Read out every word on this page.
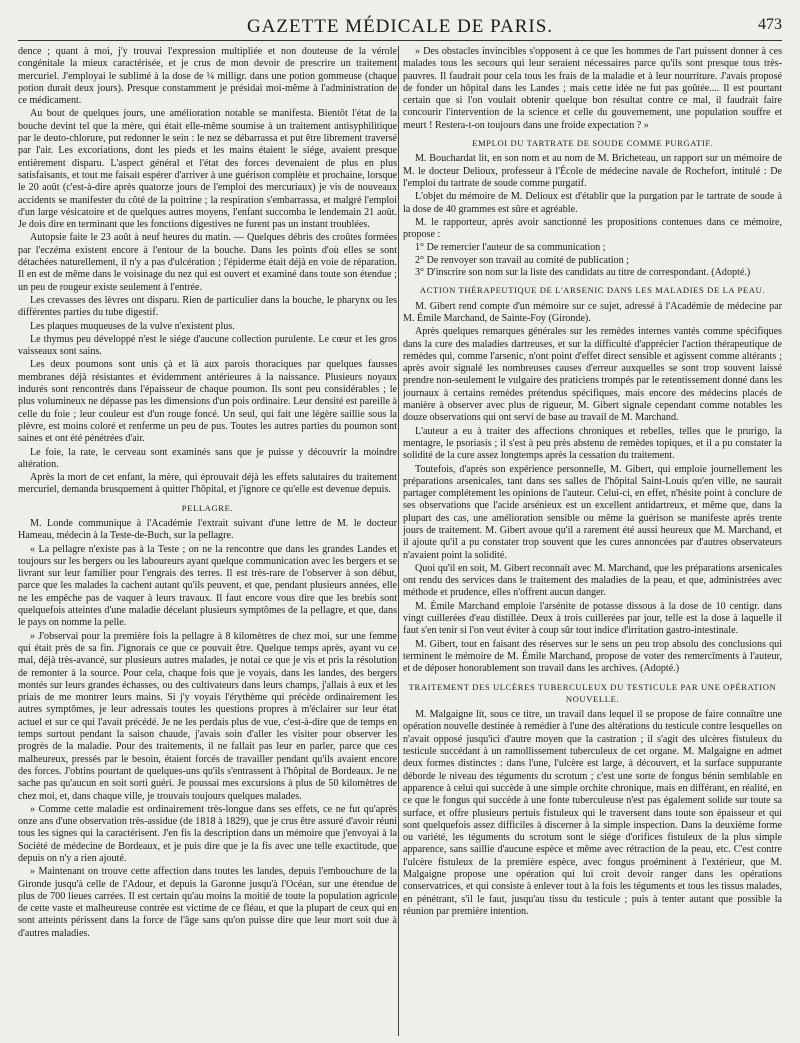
GAZETTE MÉDICALE DE PARIS.	473

dence ; quant à moi, j'y trouvai l'expression multipliée et non douteuse de la vérole congénitale la mieux caractérisée, et je crus de mon devoir de prescrire un traitement mercuriel. J'employai le sublimé à la dose de ¼ milligr. dans une potion gommeuse (chaque potion durait deux jours). Presque constamment je présidai moi-même à l'administration de ce médicament.

Au bout de quelques jours, une amélioration notable se manifesta. Bientôt l'état de la bouche devint tel que la mère, qui était elle-même soumise à un traitement antisyphilitique par le deuto-chlorure, put redonner le sein : le nez se débarrassa et put être librement traversé par l'air. Les excoriations, dont les pieds et les mains étaient le siége, avaient presque entièrement disparu. L'aspect général et l'état des forces devenaient de plus en plus satisfaisants, et tout me faisait espérer d'arriver à une guérison complète et prochaine, lorsque le 20 août (c'est-à-dire après quatorze jours de l'emploi des mercuriaux) je vis de nouveaux accidents se manifester du côté de la poitrine ; la respiration s'embarrassa, et malgré l'emploi d'un large vésicatoire et de quelques autres moyens, l'enfant succomba le lendemain 21 août. Je dois dire en terminant que les fonctions digestives ne furent pas un instant troublées.

Autopsie faite le 23 août à neuf heures du matin. — Quelques débris des croûtes formées par l'eczéma existent encore à l'entour de la bouche. Dans les points d'où elles se sont détachées naturellement, il n'y a pas d'ulcération ; l'épiderme était déjà en voie de réparation. Il en est de même dans le voisinage du nez qui est ouvert et examiné dans toute son étendue ; un peu de rougeur existe seulement à l'entrée.

Les crevasses des lèvres ont disparu. Rien de particulier dans la bouche, le pharynx ou les différentes parties du tube digestif.

Les plaques muqueuses de la vulve n'existent plus.

Le thymus peu développé n'est le siége d'aucune collection purulente. Le cœur et les gros vaisseaux sont sains.

Les deux poumons sont unis çà et là aux parois thoraciques par quelques fausses membranes déjà résistantes et évidemment antérieures à la naissance. Plusieurs noyaux indurés sont rencontrés dans l'épaisseur de chaque poumon. Ils sont peu considérables ; le plus volumineux ne dépasse pas les dimensions d'un pois ordinaire. Leur densité est pareille à celle du foie ; leur couleur est d'un rouge foncé. Un seul, qui fait une légère saillie sous la plèvre, est moins coloré et renferme un peu de pus. Toutes les autres parties du poumon sont saines et ont été pénétrées d'air.

Le foie, la rate, le cerveau sont examinés sans que je puisse y découvrir la moindre altération.

Après la mort de cet enfant, la mère, qui éprouvait déjà les effets salutaires du traitement mercuriel, demanda brusquement à quitter l'hôpital, et j'ignore ce qu'elle est devenue depuis.

PELLAGRE.

M. Londe communique à l'Académie l'extrait suivant d'une lettre de M. le docteur Hameau, médecin à la Teste-de-Buch, sur la pellagre.

« La pellagre n'existe pas à la Teste ; on ne la rencontre que dans les grandes Landes et toujours sur les bergers ou les laboureurs ayant quelque communication avec les bergers et se livrant sur leur familier pour l'engrais des terres. Il est très-rare de l'observer à son début, parce que les malades la cachent autant qu'ils peuvent, et que, pendant plusieurs années, elle ne les empêche pas de vaquer à leurs travaux. Il faut encore vous dire que les brebis sont quelquefois atteintes d'une maladie décelant plusieurs symptômes de la pellagre, et que, dans le pays on nomme la pelle.

» J'observai pour la première fois la pellagre à 8 kilomètres de chez moi, sur une femme qui était près de sa fin. J'ignorais ce que ce pouvait être. Quelque temps après, ayant vu ce mal, déjà très-avancé, sur plusieurs autres malades, je notai ce que je vis et pris la résolution de remonter à la source. Pour cela, chaque fois que je voyais, dans les landes, des bergers montés sur leurs grandes échasses, ou des cultivateurs dans leurs champs, j'allais à eux et les priais de me montrer leurs mains. Si j'y voyais l'érythème qui précède ordinairement les autres symptômes, je leur adressais toutes les questions propres à m'éclairer sur leur état actuel et sur ce qui l'avait précédé. Je ne les perdais plus de vue, c'est-à-dire que de temps en temps surtout pendant la saison chaude, j'avais soin d'aller les visiter pour observer les progrès de la maladie. Pour des traitements, il ne fallait pas leur en parler, parce que ces malheureux, pressés par le besoin, étaient forcés de travailler pendant qu'ils avaient encore des forces. J'obtins pourtant de quelques-uns qu'ils s'entrassent à l'hôpital de Bordeaux. Je ne sache pas qu'aucun en soit sorti guéri. Je poussai mes excursions à plus de 50 kilomètres de chez moi, et, dans chaque ville, je trouvais toujours quelques malades.

» Comme cette maladie est ordinairement très-longue dans ses effets, ce ne fut qu'après onze ans d'une observation très-assidue (de 1818 à 1829), que je crus être assuré d'avoir réuni tous les signes qui la caractérisent. J'en fis la description dans un mémoire que j'envoyai à la Société de médecine de Bordeaux, et je puis dire que je la fis avec une telle exactitude, que depuis on n'y a rien ajouté.

» Maintenant on trouve cette affection dans toutes les landes, depuis l'embouchure de la Gironde jusqu'à celle de l'Adour, et depuis la Garonne jusqu'à l'Océan, sur une étendue de plus de 700 lieues carrées. Il est certain qu'au moins la moitié de toute la population agricole de cette vaste et malheureuse contrée est victime de ce fléau, et que la plupart de ceux qui en sont atteints périssent dans la force de l'âge sans qu'on puisse dire que leur mort soit due à d'autres maladies.

» Des obstacles invincibles s'opposent à ce que les hommes de l'art puissent donner à ces malades tous les secours qui leur seraient nécessaires parce qu'ils sont presque tous très-pauvres. Il faudrait pour cela tous les frais de la maladie et à leur nourriture. J'avais proposé de fonder un hôpital dans les Landes ; mais cette idée ne fut pas goûtée.... Il est pourtant certain que si l'on voulait obtenir quelque bon résultat contre ce mal, il faudrait faire concourir l'intervention de la science et celle du gouvernement, une population souffre et meurt ! Restera-t-on toujours dans une froide expectation ? »

EMPLOI DU TARTRATE DE SOUDE COMME PURGATIF.

M. Bouchardat lit, en son nom et au nom de M. Bricheteau, un rapport sur un mémoire de M. le docteur Delioux, professeur à l'École de médecine navale de Rochefort, intitulé : De l'emploi du tartrate de soude comme purgatif.

L'objet du mémoire de M. Delioux est d'établir que la purgation par le tartrate de soude à la dose de 40 grammes est sûre et agréable.

M. le rapporteur, après avoir sanctionné les propositions contenues dans ce mémoire, propose :

1° De remercier l'auteur de sa communication ;
2° De renvoyer son travail au comité de publication ;
3° D'inscrire son nom sur la liste des candidats au titre de correspondant. (Adopté.)
ACTION THÉRAPEUTIQUE DE L'ARSENIC DANS LES MALADIES DE LA PEAU.

M. Gibert rend compte d'un mémoire sur ce sujet, adressé à l'Académie de médecine par M. Émile Marchand, de Sainte-Foy (Gironde).

Après quelques remarques générales sur les remèdes internes vantés comme spécifiques dans la cure des maladies dartreuses, et sur la difficulté d'apprécier l'action thérapeutique de remèdes qui, comme l'arsenic, n'ont point d'effet direct sensible et agissent comme altérants ; après avoir signalé les nombreuses causes d'erreur auxquelles se sont trop souvent laissé prendre non-seulement le vulgaire des praticiens trompés par le retentissement donné dans les journaux à certains remèdes prétendus spécifiques, mais encore des médecins placés de manière à observer avec plus de rigueur, M. Gibert signale cependant comme notables les douze observations qui ont servi de base au travail de M. Marchand.

L'auteur a eu à traiter des affections chroniques et rebelles, telles que le prurigo, la mentagre, le psoriasis ; il s'est à peu près abstenu de remèdes topiques, et il a pu constater la solidité de la cure assez longtemps après la cessation du traitement.

Toutefois, d'après son expérience personnelle, M. Gibert, qui emploie journellement les préparations arsenicales, tant dans ses salles de l'hôpital Saint-Louis qu'en ville, ne saurait partager complétement les opinions de l'auteur. Celui-ci, en effet, n'hésite point à conclure de ses observations que l'acide arsénieux est un excellent antidartreux, et même que, dans la plupart des cas, une amélioration sensible ou même la guérison se manifeste après trente jours de traitement. M. Gibert avoue qu'il a rarement été aussi heureux que M. Marchand, et il ajoute qu'il a pu constater trop souvent que les cures annoncées par d'autres observateurs n'avaient point la solidité.

Quoi qu'il en soit, M. Gibert reconnaît avec M. Marchand, que les préparations arsenicales ont rendu des services dans le traitement des maladies de la peau, et que, administrées avec méthode et prudence, elles n'offrent aucun danger.

M. Émile Marchand emploie l'arsénite de potasse dissous à la dose de 10 centigr. dans vingt cuillerées d'eau distillée. Deux à trois cuillerées par jour, telle est la dose à laquelle il faut s'en tenir si l'on veut éviter à coup sûr tout indice d'irritation gastro-intestinale.

M. Gibert, tout en faisant des réserves sur le sens un peu trop absolu des conclusions qui terminent le mémoire de M. Émile Marchand, propose de voter des remercîments à l'auteur, et de déposer honorablement son travail dans les archives. (Adopté.)

TRAITEMENT DES ULCÈRES TUBERCULEUX DU TESTICULE PAR UNE OPÉRATION NOUVELLE.

M. Malgaigne lit, sous ce titre, un travail dans lequel il se propose de faire connaître une opération nouvelle destinée à remédier à l'une des altérations du testicule contre lesquelles on n'avait opposé jusqu'ici d'autre moyen que la castration ; il s'agit des ulcères fistuleux du testicule succédant à un ramollissement tuberculeux de cet organe. M. Malgaigne en admet deux formes distinctes : dans l'une, l'ulcère est large, à découvert, et la surface suppurante déborde le niveau des téguments du scrotum ; c'est une sorte de fongus bénin semblable en apparence à celui qui succède à une simple orchite chronique, mais en différant, en réalité, en ce que le fongus qui succède à une fonte tuberculeuse n'est pas également solide sur toute sa surface, et offre plusieurs pertuis fistuleux qui le traversent dans toute son épaisseur et qui sont quelquefois assez difficiles à discerner à la simple inspection. Dans la deuxième forme ou variété, les téguments du scrotum sont le siége d'orifices fistuleux de la plus simple apparence, sans saillie d'aucune espèce et même avec rétraction de la peau, etc. C'est contre l'ulcère fistuleux de la première espèce, avec fongus proéminent à l'extérieur, que M. Malgaigne propose une opération qui lui croit devoir ranger dans les opérations conservatrices, et qui consiste à enlever tout à la fois les téguments et tous les tissus malades, en pénétrant, s'il le faut, jusqu'au tissu du testicule ; puis à tenter autant que possible la réunion par première intention.
